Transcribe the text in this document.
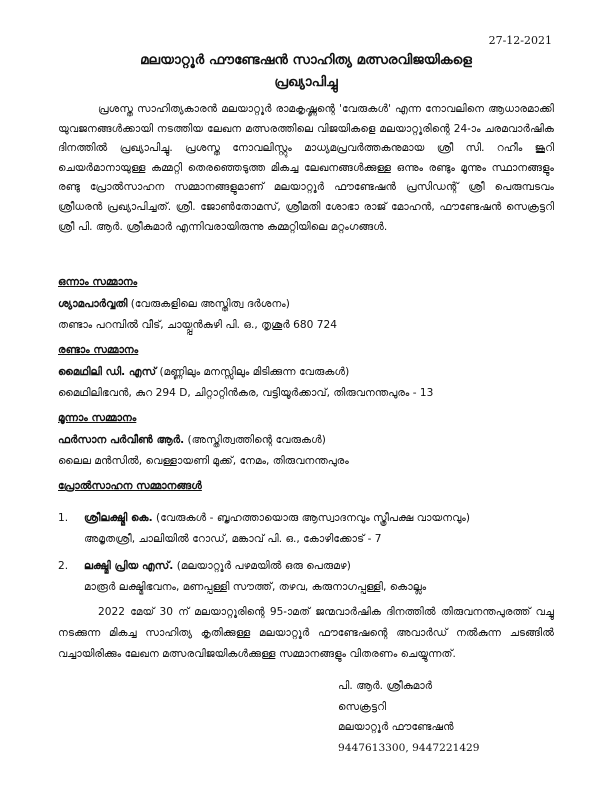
27-12-2021
മലയാറ്റൂർ ഫൗണ്ടേഷൻ സാഹിത്യ മത്സരവിജയികളെ
പ്രഖ്യാപിച്ചു

പ്രശസ്ത സാഹിത്യകാരൻ മലയാറ്റൂർ രാമകൃഷ്ണന്റെ 'വേരുകൾ' എന്ന നോവലിനെ ആധാരമാക്കി യുവജനങ്ങൾക്കായി നടത്തിയ ലേഖന മത്സരത്തിലെ വിജയികളെ മലയാറ്റൂരിന്റെ 24-ാം ചരമവാർഷിക ദിനത്തിൽ പ്രഖ്യാപിച്ചു. പ്രശസ്ത നോവലിസ്റ്റും മാധ്യമപ്രവർത്തകനുമായ ശ്രീ സി. റഹീം ജൂറി ചെയർമാനായുള്ള കമ്മറ്റി തെരഞ്ഞെടുത്ത മികച്ച ലേഖനങ്ങൾക്കുള്ള ഒന്നും രണ്ടും മൂന്നും സ്ഥാനങ്ങളും രണ്ടു പ്രോൽസാഹന സമ്മാനങ്ങളുമാണ് മലയാറ്റൂർ ഫൗണ്ടേഷൻ പ്രസിഡന്റ് ശ്രീ പെരുമ്പടവം ശ്രീധരൻ പ്രഖ്യാപിച്ചത്. ശ്രീ. ജോൺതോമസ്, ശ്രീമതി ശോഭാ രാജ് മോഹൻ, ഫൗണ്ടേഷൻ സെക്രട്ടറി ശ്രീ പി. ആർ. ശ്രീകുമാർ എന്നിവരായിരുന്നു കമ്മറ്റിയിലെ മറ്റംഗങ്ങൾ.

ഒന്നാം സമ്മാനം
ശ്യാമപാർവ്വതി (വേരുകളിലെ അസ്തിത്വ ദർശനം)
തണ്ടാം പറമ്പിൽ വീട്, ചായ്പ്പൻകുഴി പി. ഒ., തൃശൂർ 680 724
രണ്ടാം സമ്മാനം
മൈഥിലി ഡി. എസ് (മണ്ണിലും മനസ്സിലും മിടിക്കുന്ന വേരുകൾ)
മൈഥിലിഭവൻ, കുറ 294 D, ചിറ്റാറ്റിൻകര, വട്ടിയൂർക്കാവ്, തിരുവനന്തപുരം - 13
മൂന്നാം സമ്മാനം
ഫർസാന പർവീൺ ആർ. (അസ്തിത്വത്തിന്റെ വേരുകൾ)
ലൈല മൻസിൽ, വെള്ളായണി മുക്ക്, നേമം, തിരുവനന്തപുരം
പ്രോൽസാഹന സമ്മാനങ്ങൾ
1. ശ്രീലക്ഷ്മി കെ. (വേരുകൾ - ബൃഹത്തായൊരു ആസ്വാദനവും സ്ത്രീപക്ഷ വായനവും)
അമൃതശ്രീ, ചാലിയിൽ റോഡ്, മങ്കാവ് പി. ഒ., കോഴിക്കോട് - 7
2. ലക്ഷ്മി പ്രിയ എസ്. (മലയാറ്റൂർ പഴമയിൽ ഒരു പെരുമഴ)
മാരൂർ ലക്ഷ്മിഭവനം, മണപ്പള്ളി സൗത്ത്, തഴവ, കരുനാഗപ്പള്ളി, കൊല്ലം

2022 മേയ് 30 ന് മലയാറ്റൂരിന്റെ 95-ാമത് ജന്മവാർഷിക ദിനത്തിൽ തിരുവനന്തപുരത്ത് വച്ചു നടക്കുന്ന മികച്ച സാഹിത്യ കൃതിക്കുള്ള മലയാറ്റൂർ ഫൗണ്ടേഷന്റെ അവാർഡ് നൽകുന്ന ചടങ്ങിൽ വച്ചായിരിക്കും ലേഖന മത്സരവിജയികൾക്കുള്ള സമ്മാനങ്ങളും വിതരണം ചെയ്യുന്നത്.

പി. ആർ. ശ്രീകുമാർ
സെക്രട്ടറി
മലയാറ്റൂർ ഫൗണ്ടേഷൻ
9447613300, 9447221429
